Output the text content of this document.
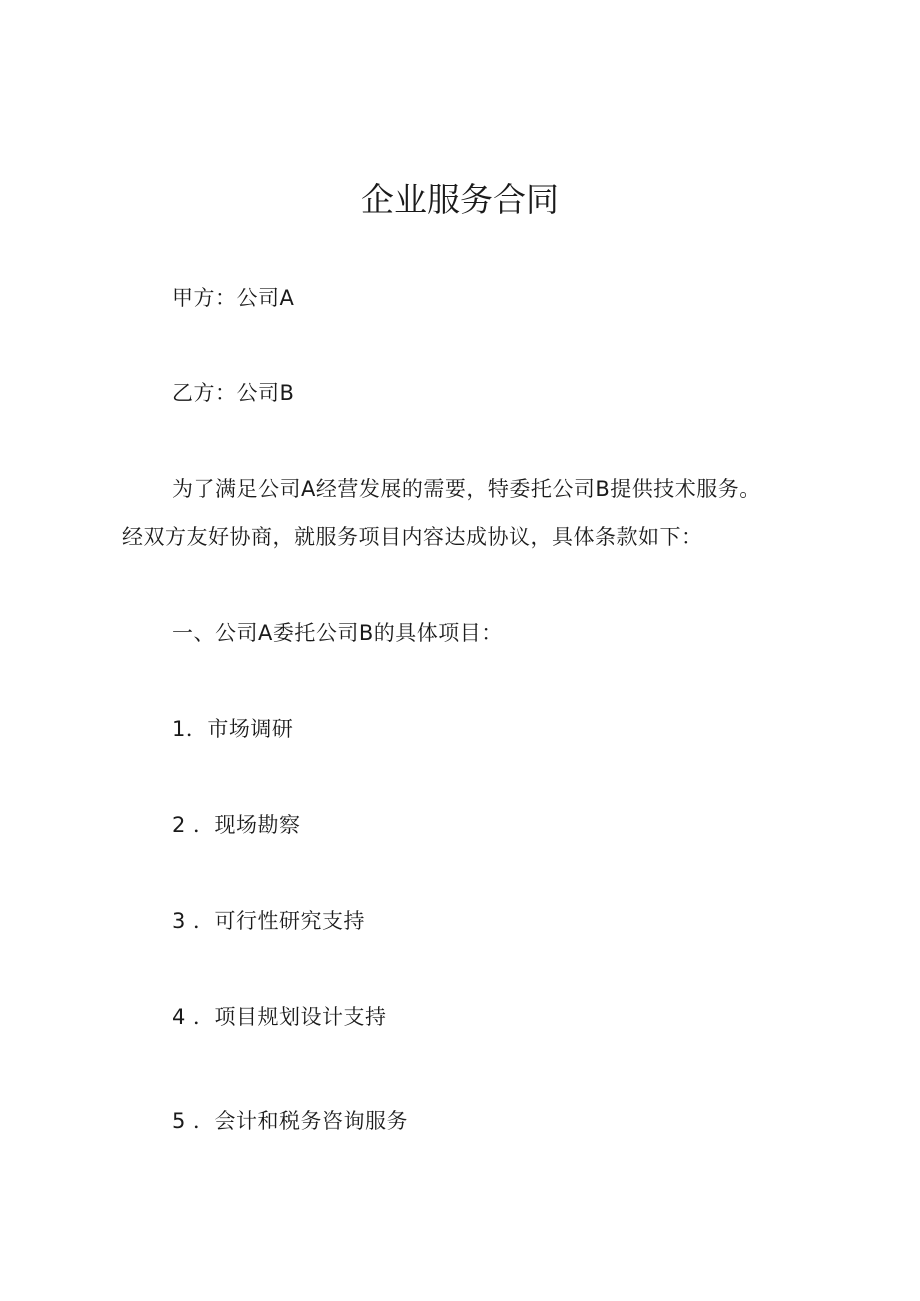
企业服务合同

甲方：公司A

乙方：公司B

为了满足公司A经营发展的需要，特委托公司B提供技术服务。

经双方友好协商，就服务项目内容达成协议，具体条款如下：

一、公司A委托公司B的具体项目：

1．市场调研

2 ．现场勘察

3 ．可行性研究支持

4 ．项目规划设计支持

5 ．会计和税务咨询服务
